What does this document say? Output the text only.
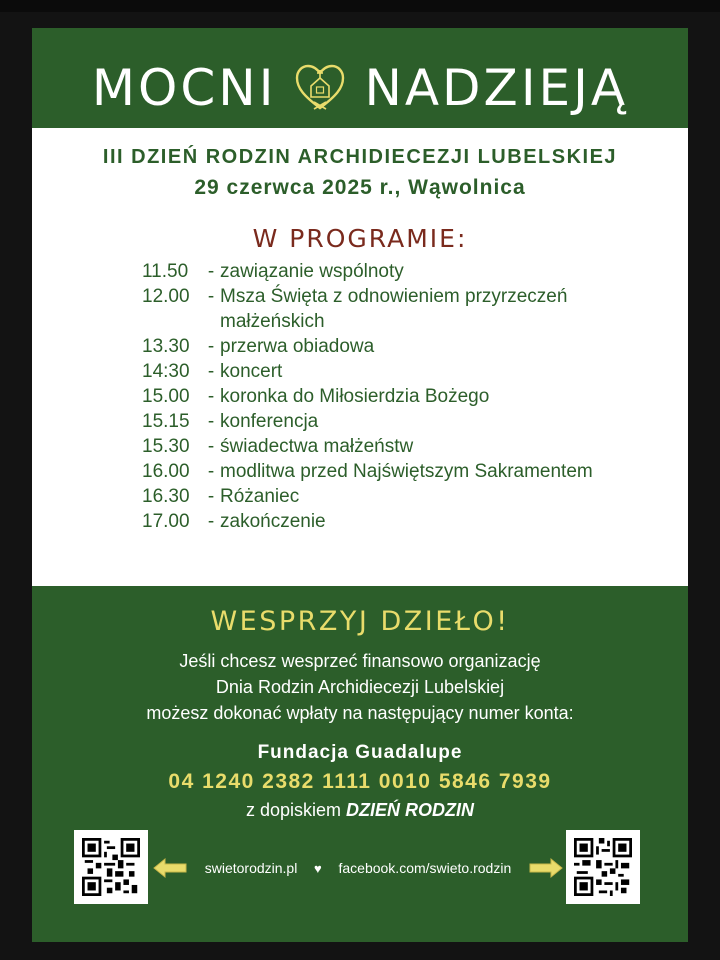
MOCNI NADZIEJĄ
III DZIEŃ RODZIN ARCHIDIECEZJI LUBELSKIEJ
29 czerwca 2025 r., Wąwolnica
W PROGRAMIE:
11.50	- zawiązanie wspólnoty
12.00 - Msza Święta z odnowieniem przyrzeczeń małżeńskich
13.30 - przerwa obiadowa
14:30 - koncert
15.00 - koronka do Miłosierdzia Bożego
15.15 - konferencja
15.30 - świadectwa małżeństw
16.00 - modlitwa przed Najświętszym Sakramentem
16.30 - Różaniec
17.00 - zakończenie
WESPRZYJ DZIEŁO!
Jeśli chcesz wesprzeć finansowo organizację
Dnia Rodzin Archidiecezji Lubelskiej
możesz dokonać wpłaty na następujący numer konta:
Fundacja Guadalupe
04 1240 2382 1111 0010 5846 7939
z dopiskiem DZIEŃ RODZIN
swietorodzin.pl ♥ facebook.com/swieto.rodzin
